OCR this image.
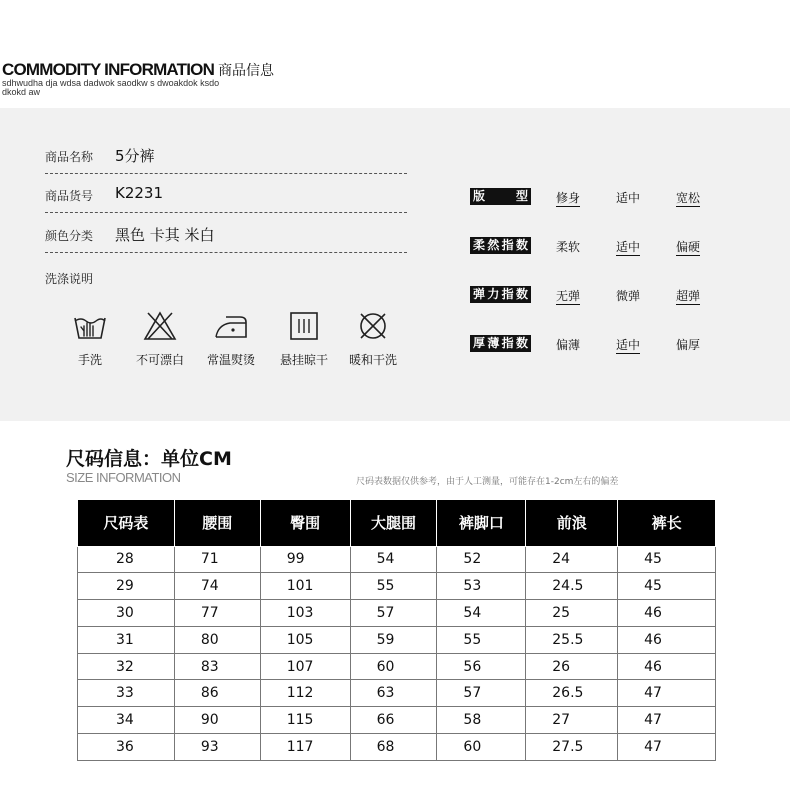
COMMODITY INFORMATION 商品信息
sdhwudha dja wdsa dadwok saodkw s dwoakdok ksdo dkokd aw
商品名称 5分裤
商品货号 K2231
颜色分类 黑色 卡其 米白
洗涤说明
手洗	不可漂白	常温熨烫	悬挂晾干	暖和干洗
版 型 修身	适中	宽松
柔然指数 柔软	适中	偏硬
弹力指数 无弹	微弹	超弹
厚薄指数 偏薄	适中	偏厚
尺码信息：单位CM
SIZE INFORMATION	尺码表数据仅供参考，由于人工测量，可能存在1-2cm左右的偏差
尺码表	腰围	臀围	大腿围	裤脚口	前浪	裤长
28	71	99	54	52	24	45
29	74	101	55	53	24.5	45
30	77	103	57	54	25	46
31	80	105	59	55	25.5	46
32	83	107	60	56	26	46
33	86	112	63	57	26.5	47
34	90	115	66	58	27	47
36	93	117	68	60	27.5	47
